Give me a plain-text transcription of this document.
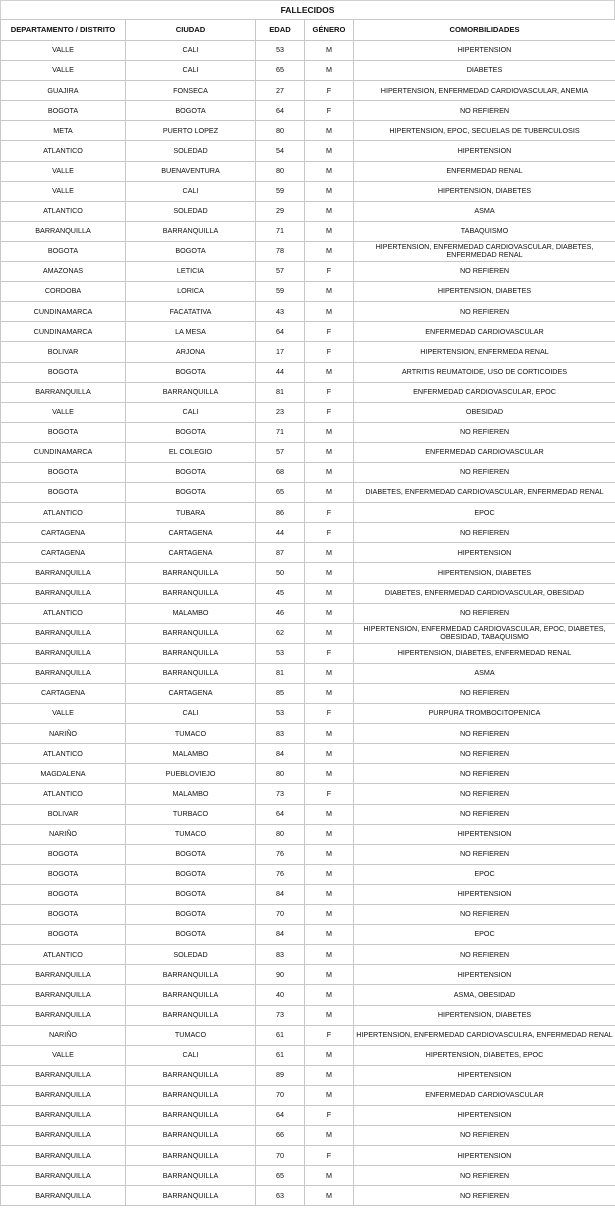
FALLECIDOS
DEPARTAMENTO / DISTRITO	CIUDAD	EDAD	GÉNERO	COMORBILIDADES
VALLE	CALI	53	M	HIPERTENSION
VALLE	CALI	65	M	DIABETES
GUAJIRA	FONSECA	27	F	HIPERTENSION, ENFERMEDAD CARDIOVASCULAR, ANEMIA
BOGOTA	BOGOTA	64	F	NO REFIEREN
META	PUERTO LOPEZ	80	M	HIPERTENSION, EPOC, SECUELAS DE TUBERCULOSIS
ATLANTICO	SOLEDAD	54	M	HIPERTENSION
VALLE	BUENAVENTURA	80	M	ENFERMEDAD RENAL
VALLE	CALI	59	M	HIPERTENSION, DIABETES
ATLANTICO	SOLEDAD	29	M	ASMA
BARRANQUILLA	BARRANQUILLA	71	M	TABAQUISMO
BOGOTA	BOGOTA	78	M	HIPERTENSION, ENFERMEDAD CARDIOVASCULAR, DIABETES, ENFERMEDAD RENAL
AMAZONAS	LETICIA	57	F	NO REFIEREN
CORDOBA	LORICA	59	M	HIPERTENSION, DIABETES
CUNDINAMARCA	FACATATIVA	43	M	NO REFIEREN
CUNDINAMARCA	LA MESA	64	F	ENFERMEDAD CARDIOVASCULAR
BOLIVAR	ARJONA	17	F	HIPERTENSION, ENFERMEDA RENAL
BOGOTA	BOGOTA	44	M	ARTRITIS REUMATOIDE, USO DE CORTICOIDES
BARRANQUILLA	BARRANQUILLA	81	F	ENFERMEDAD CARDIOVASCULAR, EPOC
VALLE	CALI	23	F	OBESIDAD
BOGOTA	BOGOTA	71	M	NO REFIEREN
CUNDINAMARCA	EL COLEGIO	57	M	ENFERMEDAD CARDIOVASCULAR
BOGOTA	BOGOTA	68	M	NO REFIEREN
BOGOTA	BOGOTA	65	M	DIABETES, ENFERMEDAD CARDIOVASCULAR, ENFERMEDAD RENAL
ATLANTICO	TUBARA	86	F	EPOC
CARTAGENA	CARTAGENA	44	F	NO REFIEREN
CARTAGENA	CARTAGENA	87	M	HIPERTENSION
BARRANQUILLA	BARRANQUILLA	50	M	HIPERTENSION, DIABETES
BARRANQUILLA	BARRANQUILLA	45	M	DIABETES, ENFERMEDAD CARDIOVASCULAR, OBESIDAD
ATLANTICO	MALAMBO	46	M	NO REFIEREN
BARRANQUILLA	BARRANQUILLA	62	M	HIPERTENSION, ENFERMEDAD CARDIOVASCULAR, EPOC, DIABETES, OBESIDAD, TABAQUISMO
BARRANQUILLA	BARRANQUILLA	53	F	HIPERTENSION, DIABETES, ENFERMEDAD RENAL
BARRANQUILLA	BARRANQUILLA	81	M	ASMA
CARTAGENA	CARTAGENA	85	M	NO REFIEREN
VALLE	CALI	53	F	PURPURA TROMBOCITOPENICA
NARIÑO	TUMACO	83	M	NO REFIEREN
ATLANTICO	MALAMBO	84	M	NO REFIEREN
MAGDALENA	PUEBLOVIEJO	80	M	NO REFIEREN
ATLANTICO	MALAMBO	73	F	NO REFIEREN
BOLIVAR	TURBACO	64	M	NO REFIEREN
NARIÑO	TUMACO	80	M	HIPERTENSION
BOGOTA	BOGOTA	76	M	NO REFIEREN
BOGOTA	BOGOTA	76	M	EPOC
BOGOTA	BOGOTA	84	M	HIPERTENSION
BOGOTA	BOGOTA	70	M	NO REFIEREN
BOGOTA	BOGOTA	84	M	EPOC
ATLANTICO	SOLEDAD	83	M	NO REFIEREN
BARRANQUILLA	BARRANQUILLA	90	M	HIPERTENSION
BARRANQUILLA	BARRANQUILLA	40	M	ASMA, OBESIDAD
BARRANQUILLA	BARRANQUILLA	73	M	HIPERTENSION, DIABETES
NARIÑO	TUMACO	61	F	HIPERTENSION, ENFERMEDAD CARDIOVASCULRA, ENFERMEDAD RENAL
VALLE	CALI	61	M	HIPERTENSION, DIABETES, EPOC
BARRANQUILLA	BARRANQUILLA	89	M	HIPERTENSION
BARRANQUILLA	BARRANQUILLA	70	M	ENFERMEDAD CARDIOVASCULAR
BARRANQUILLA	BARRANQUILLA	64	F	HIPERTENSION
BARRANQUILLA	BARRANQUILLA	66	M	NO REFIEREN
BARRANQUILLA	BARRANQUILLA	70	F	HIPERTENSION
BARRANQUILLA	BARRANQUILLA	65	M	NO REFIEREN
BARRANQUILLA	BARRANQUILLA	63	M	NO REFIEREN
